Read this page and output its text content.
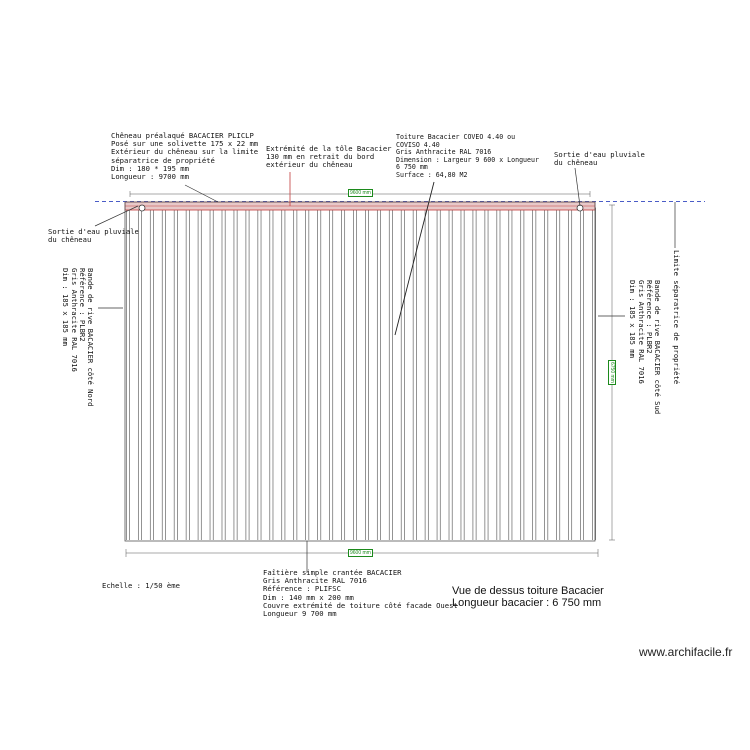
Chêneau préalaqué BACACIER PLICLP
Posé sur une solivette 175 x 22 mm
Extérieur du chêneau sur la limite
séparatrice de propriété
Dim : 180 * 195 mm
Longueur : 9700 mm
Extrémité de la tôle Bacacier
130 mm en retrait du bord
extérieur du chêneau
Toiture Bacacier COVEO 4.40 ou
COVISO 4.40
Gris Anthracite RAL 7016
Dimension : Largeur 9 600 x Longueur
6 750 mm
Surface : 64,80 M2
Sortie d'eau pluviale
du chêneau
Sortie d'eau pluviale
du chêneau
Bande de rive BACACIER côté Nord
Référence : PLBR2
Gris Anthracite RAL 7016
Dim : 185 x 185 mm
Bande de rive BACACIER côté Sud
Référence : PLBR2
Gris Anthracite RAL 7016
Dim : 185 x 185 mm	Limite séparatrice de propriété
Faîtière simple crantée BACACIER
Gris Anthracite RAL 7016
Référence : PLIFSC
Dim : 140 mm x 200 mm
Couvre extrémité de toiture côté facade Ouest
Longueur 9 700 mm
Echelle : 1/50 ème	Vue de dessus toiture Bacacier
Longueur bacacier : 6 750 mm
9600 mm
9600 mm
6750 mm
www.archifacile.fr
